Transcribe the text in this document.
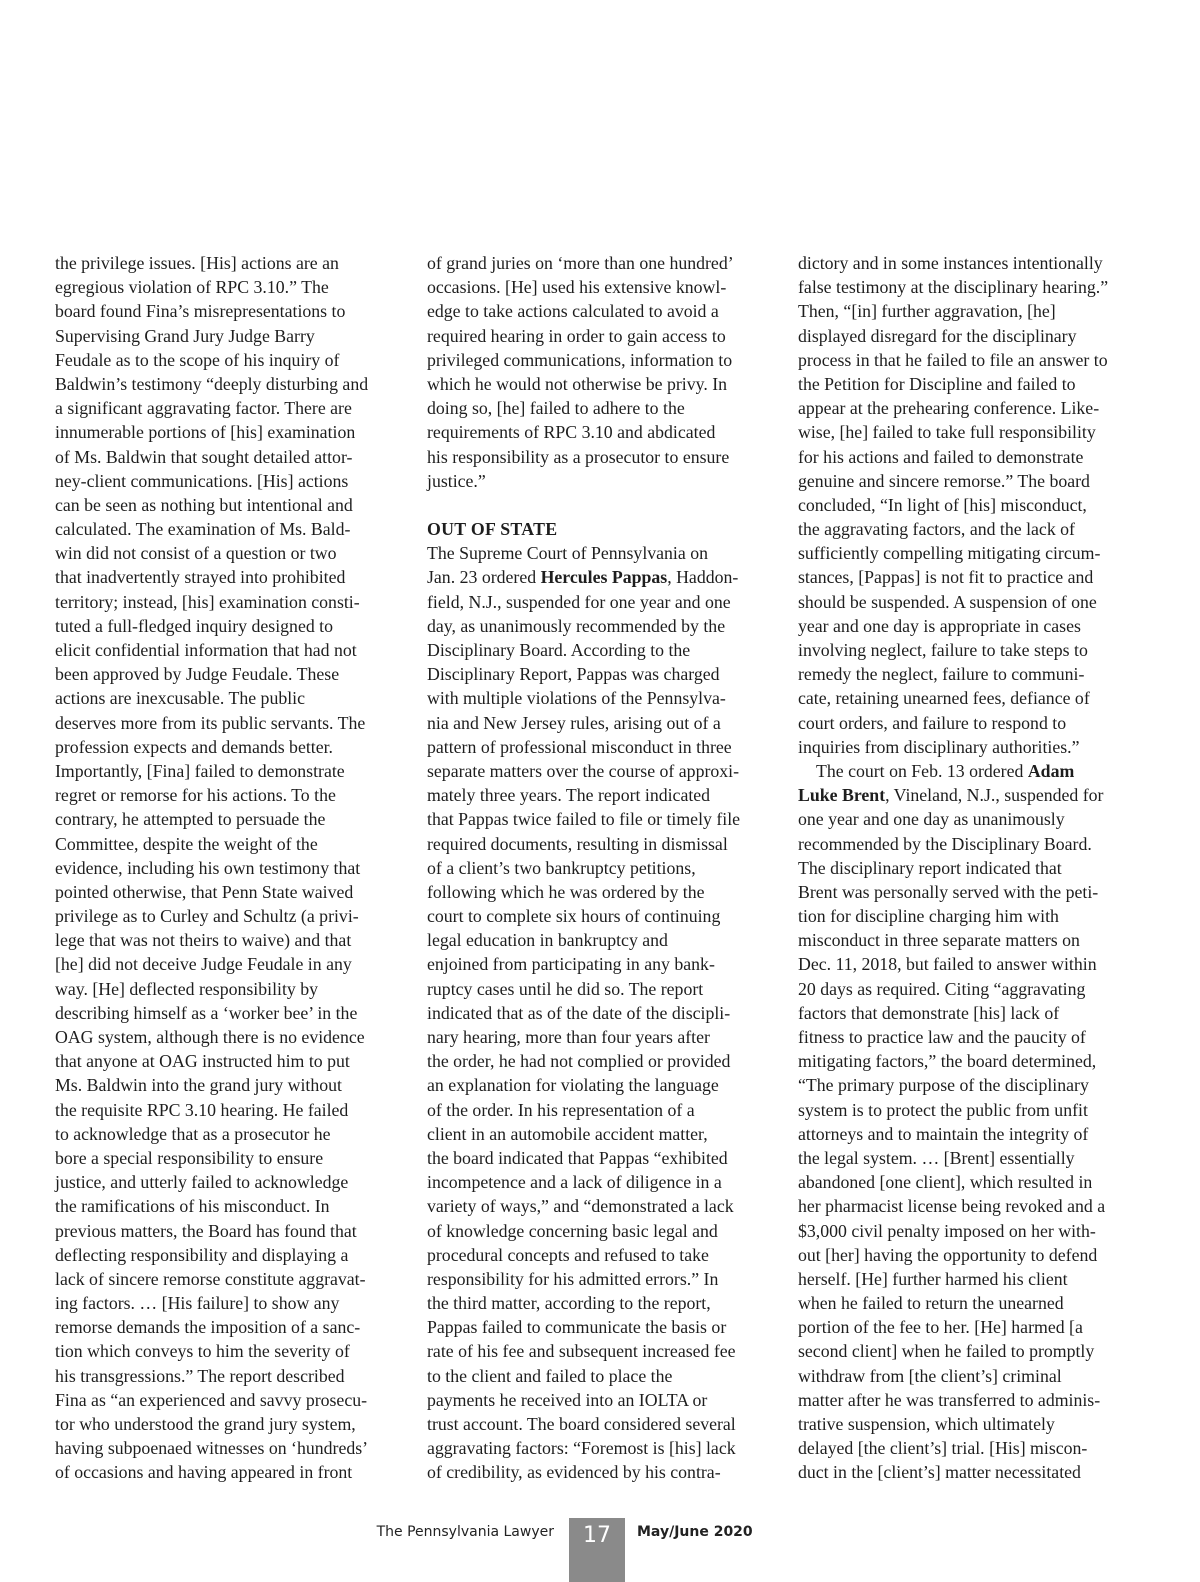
the privilege issues. [His] actions are an
egregious violation of RPC 3.10.” The
board found Fina’s misrepresentations to
Supervising Grand Jury Judge Barry
Feudale as to the scope of his inquiry of
Baldwin’s testimony “deeply disturbing and
a significant aggravating factor. There are
innumerable portions of [his] examination
of Ms. Baldwin that sought detailed attor-
ney-client communications. [His] actions
can be seen as nothing but intentional and
calculated. The examination of Ms. Bald-
win did not consist of a question or two
that inadvertently strayed into prohibited
territory; instead, [his] examination consti-
tuted a full-fledged inquiry designed to
elicit confidential information that had not
been approved by Judge Feudale. These
actions are inexcusable. The public
deserves more from its public servants. The
profession expects and demands better.
Importantly, [Fina] failed to demonstrate
regret or remorse for his actions. To the
contrary, he attempted to persuade the
Committee, despite the weight of the
evidence, including his own testimony that
pointed otherwise, that Penn State waived
privilege as to Curley and Schultz (a privi-
lege that was not theirs to waive) and that
[he] did not deceive Judge Feudale in any
way. [He] deflected responsibility by
describing himself as a ‘worker bee’ in the
OAG system, although there is no evidence
that anyone at OAG instructed him to put
Ms. Baldwin into the grand jury without
the requisite RPC 3.10 hearing. He failed
to acknowledge that as a prosecutor he
bore a special responsibility to ensure
justice, and utterly failed to acknowledge
the ramifications of his misconduct. In
previous matters, the Board has found that
deflecting responsibility and displaying a
lack of sincere remorse constitute aggravat-
ing factors. … [His failure] to show any
remorse demands the imposition of a sanc-
tion which conveys to him the severity of
his transgressions.” The report described
Fina as “an experienced and savvy prosecu-
tor who understood the grand jury system,
having subpoenaed witnesses on ‘hundreds’
of occasions and having appeared in front
of grand juries on ‘more than one hundred’
occasions. [He] used his extensive knowl-
edge to take actions calculated to avoid a
required hearing in order to gain access to
privileged communications, information to
which he would not otherwise be privy. In
doing so, [he] failed to adhere to the
requirements of RPC 3.10 and abdicated
his responsibility as a prosecutor to ensure
justice.”
OUT OF STATE
The Supreme Court of Pennsylvania on
Jan. 23 ordered Hercules Pappas, Haddon-
field, N.J., suspended for one year and one
day, as unanimously recommended by the
Disciplinary Board. According to the
Disciplinary Report, Pappas was charged
with multiple violations of the Pennsylva-
nia and New Jersey rules, arising out of a
pattern of professional misconduct in three
separate matters over the course of approxi-
mately three years. The report indicated
that Pappas twice failed to file or timely file
required documents, resulting in dismissal
of a client’s two bankruptcy petitions,
following which he was ordered by the
court to complete six hours of continuing
legal education in bankruptcy and
enjoined from participating in any bank-
ruptcy cases until he did so. The report
indicated that as of the date of the discipli-
nary hearing, more than four years after
the order, he had not complied or provided
an explanation for violating the language
of the order. In his representation of a
client in an automobile accident matter,
the board indicated that Pappas “exhibited
incompetence and a lack of diligence in a
variety of ways,” and “demonstrated a lack
of knowledge concerning basic legal and
procedural concepts and refused to take
responsibility for his admitted errors.” In
the third matter, according to the report,
Pappas failed to communicate the basis or
rate of his fee and subsequent increased fee
to the client and failed to place the
payments he received into an IOLTA or
trust account. The board considered several
aggravating factors: “Foremost is [his] lack
of credibility, as evidenced by his contra-
dictory and in some instances intentionally
false testimony at the disciplinary hearing.”
Then, “[in] further aggravation, [he]
displayed disregard for the disciplinary
process in that he failed to file an answer to
the Petition for Discipline and failed to
appear at the prehearing conference. Like-
wise, [he] failed to take full responsibility
for his actions and failed to demonstrate
genuine and sincere remorse.” The board
concluded, “In light of [his] misconduct,
the aggravating factors, and the lack of
sufficiently compelling mitigating circum-
stances, [Pappas] is not fit to practice and
should be suspended. A suspension of one
year and one day is appropriate in cases
involving neglect, failure to take steps to
remedy the neglect, failure to communi-
cate, retaining unearned fees, defiance of
court orders, and failure to respond to
inquiries from disciplinary authorities.”
The court on Feb. 13 ordered Adam
Luke Brent, Vineland, N.J., suspended for
one year and one day as unanimously
recommended by the Disciplinary Board.
The disciplinary report indicated that
Brent was personally served with the peti-
tion for discipline charging him with
misconduct in three separate matters on
Dec. 11, 2018, but failed to answer within
20 days as required. Citing “aggravating
factors that demonstrate [his] lack of
fitness to practice law and the paucity of
mitigating factors,” the board determined,
“The primary purpose of the disciplinary
system is to protect the public from unfit
attorneys and to maintain the integrity of
the legal system. … [Brent] essentially
abandoned [one client], which resulted in
her pharmacist license being revoked and a
$3,000 civil penalty imposed on her with-
out [her] having the opportunity to defend
herself. [He] further harmed his client
when he failed to return the unearned
portion of the fee to her. [He] harmed [a
second client] when he failed to promptly
withdraw from [the client’s] criminal
matter after he was transferred to adminis-
trative suspension, which ultimately
delayed [the client’s] trial. [His] miscon-
duct in the [client’s] matter necessitated
The Pennsylvania Lawyer	17	May/June 2020
